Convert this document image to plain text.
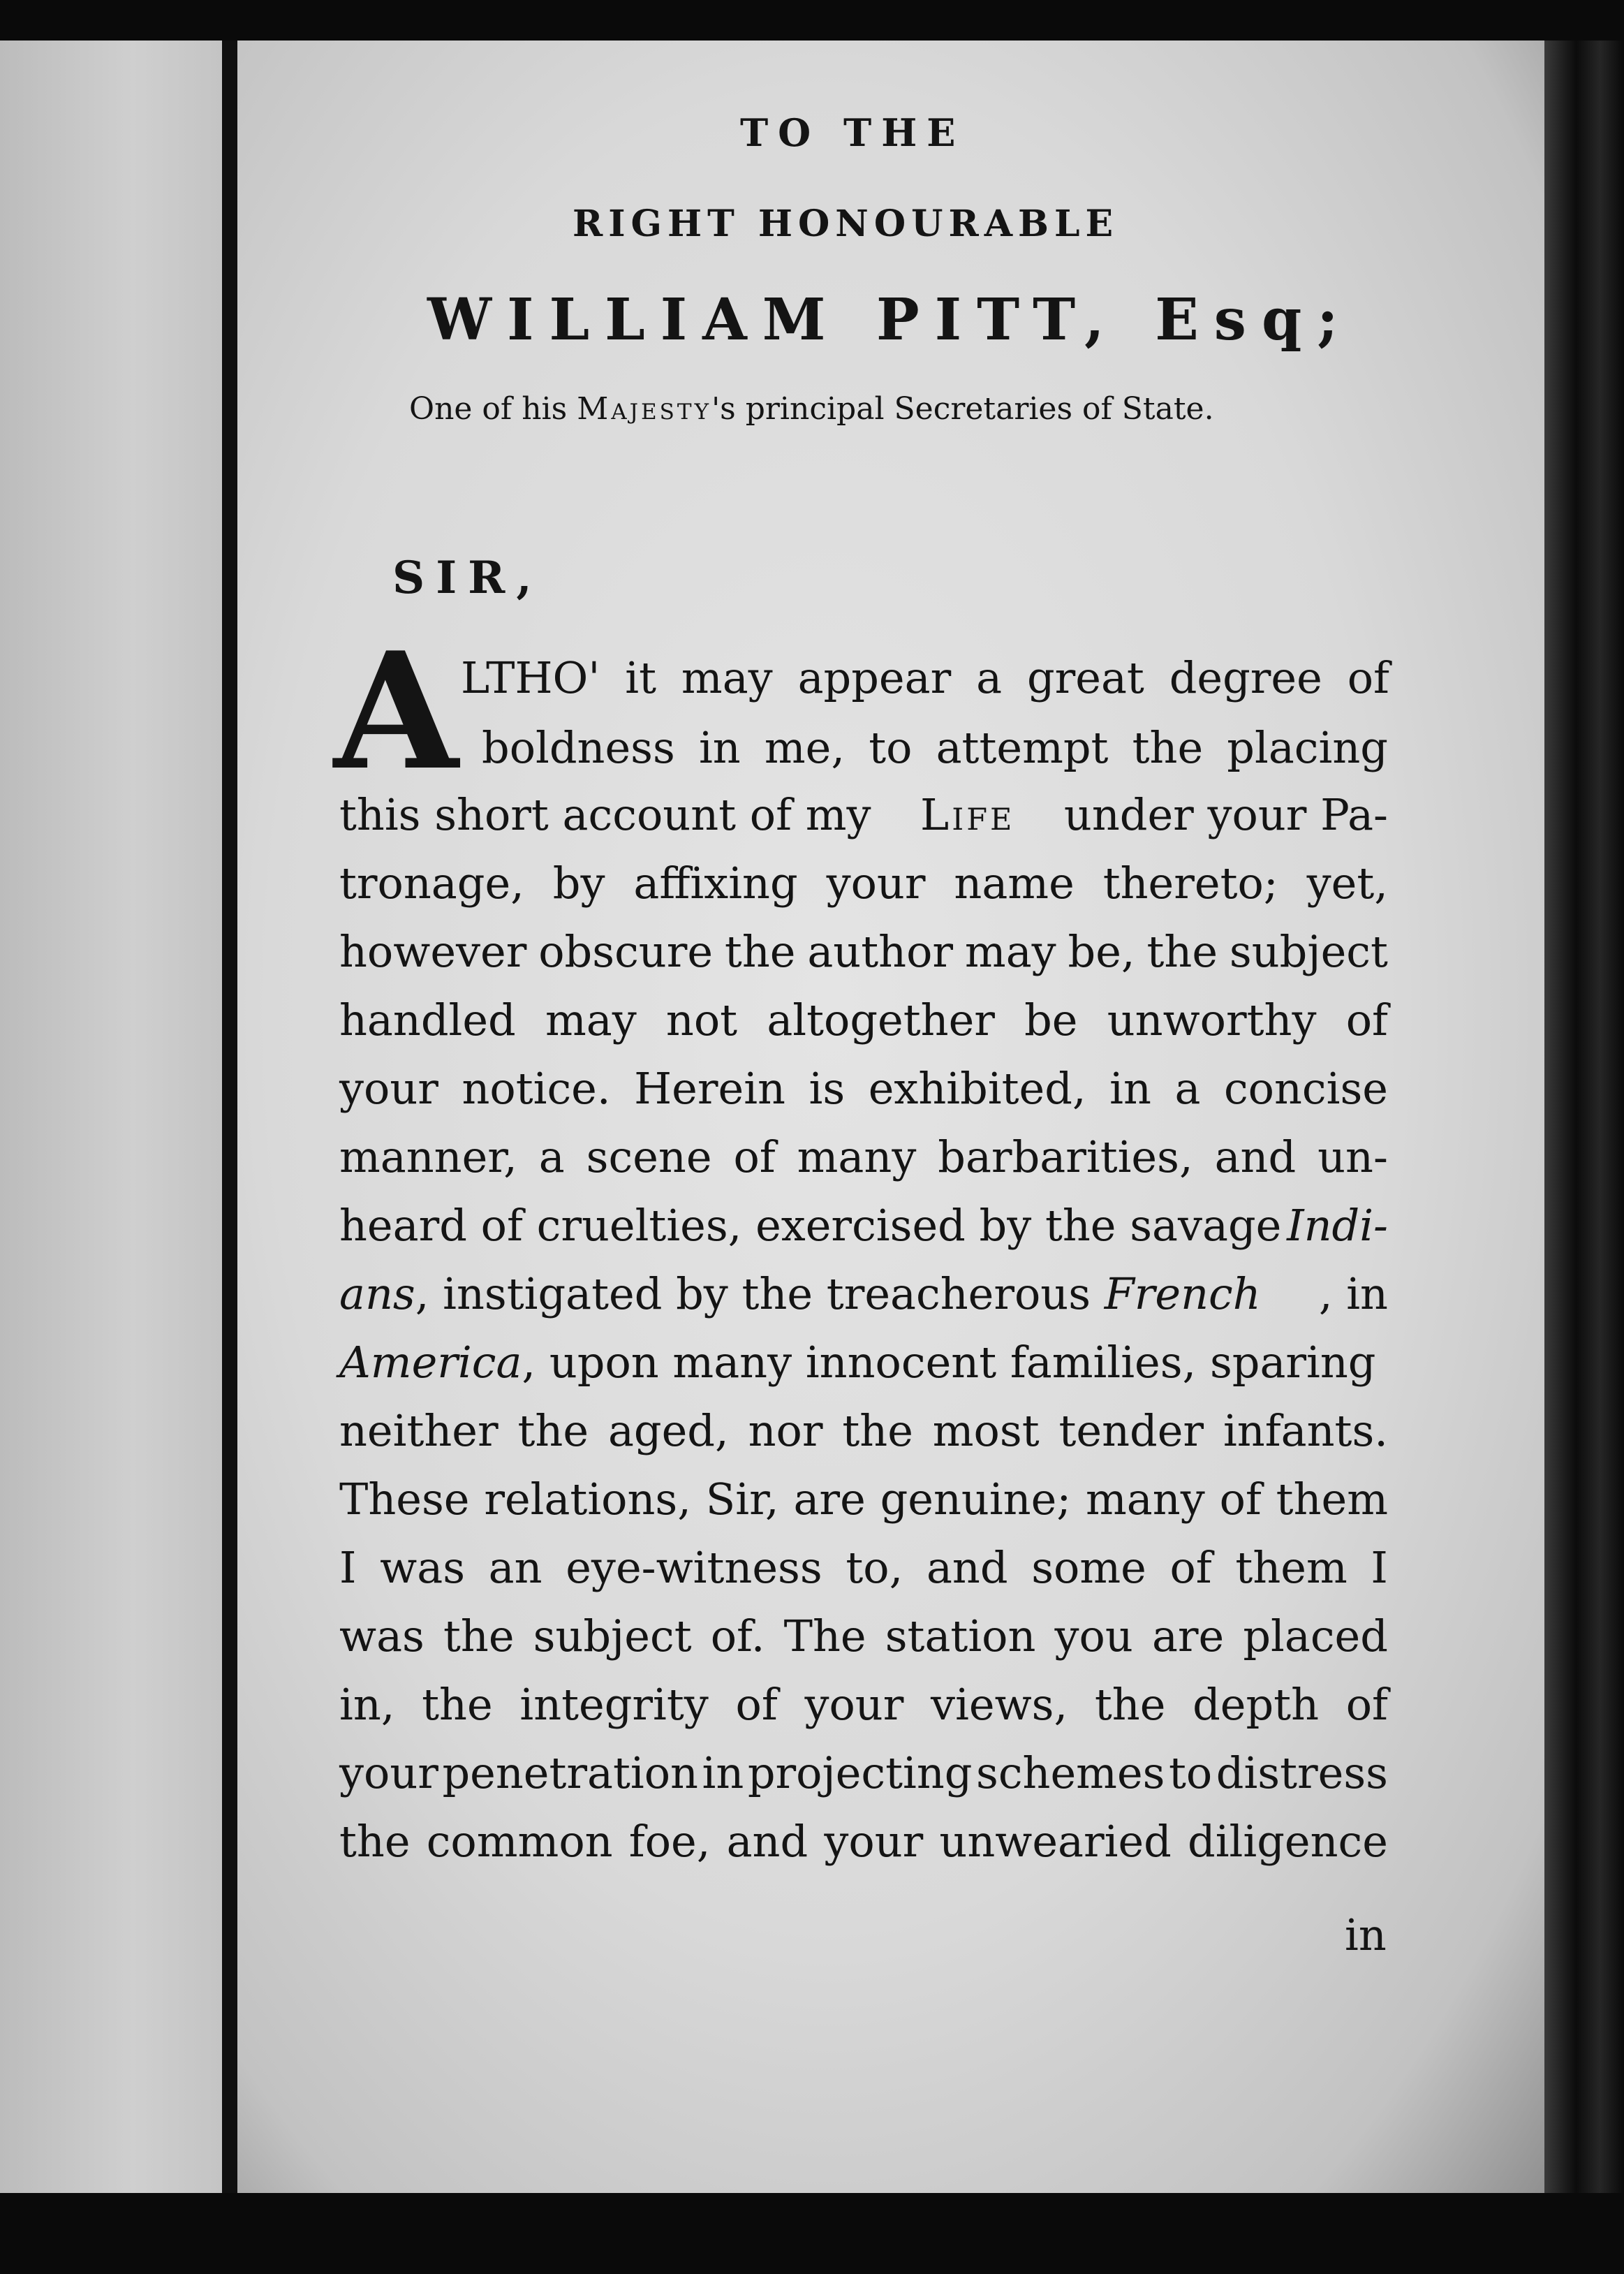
TO THE
RIGHT HONOURABLE
WILLIAM PITT, Esq;
One of his Majesty's principal Secretaries of State.
SIR,
A LTHO' it may appear a great degree of
boldness in me, to attempt the placing
this short account of my Life under your Pa-
tronage, by affixing your name thereto; yet,
however obscure the author may be, the subject
handled may not altogether be unworthy of
your notice. Herein is exhibited, in a concise
manner, a scene of many barbarities, and un-
heard of cruelties, exercised by the savage Indi-
ans, instigated by the treacherous French , in
America, upon many innocent families, sparing
neither the aged, nor the most tender infants.
These relations, Sir, are genuine; many of them
I was an eye-witness to, and some of them I
was the subject of. The station you are placed
in, the integrity of your views, the depth of
your penetration in projecting schemes to distress
the common foe, and your unwearied diligence
in
